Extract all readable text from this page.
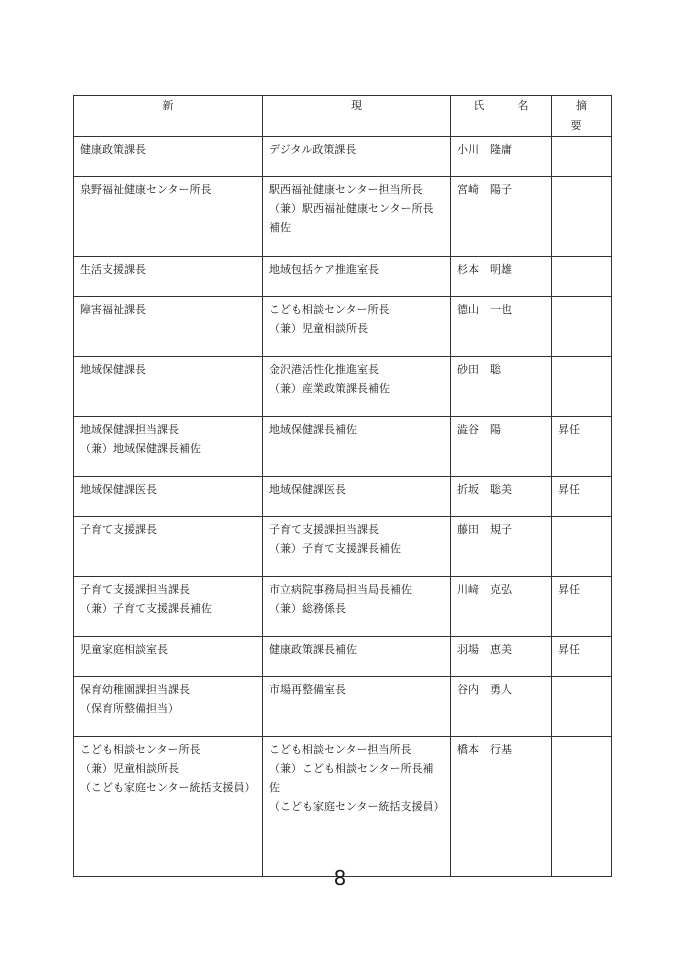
新	現	氏　名	摘　要

健康政策課長	デジタル政策課長	小川　隆庸	

泉野福祉健康センター所長	駅西福祉健康センター担当所長
（兼）駅西福祉健康センター所長補佐	宮崎　陽子	

生活支援課長	地域包括ケア推進室長	杉本　明雄	

障害福祉課長	こども相談センター所長
（兼）児童相談所長	德山　一也	

地域保健課長	金沢港活性化推進室長
（兼）産業政策課長補佐	砂田　聡	

地域保健課担当課長
（兼）地域保健課長補佐	地域保健課長補佐	澁谷　陽	昇任

地域保健課医長	地域保健課医長	折坂　聡美	昇任

子育て支援課長	子育て支援課担当課長
（兼）子育て支援課長補佐	藤田　規子	

子育て支援課担当課長
（兼）子育て支援課長補佐	市立病院事務局担当局長補佐
（兼）総務係長	川﨑　克弘	昇任

児童家庭相談室長	健康政策課長補佐	羽場　恵美	昇任

保育幼稚園課担当課長
（保育所整備担当）	市場再整備室長	谷内　勇人	

こども相談センター所長
（兼）児童相談所長
（こども家庭センター統括支援員）	こども相談センター担当所長
（兼）こども相談センター所長補佐
（こども家庭センター統括支援員）	橋本　行基	

8
